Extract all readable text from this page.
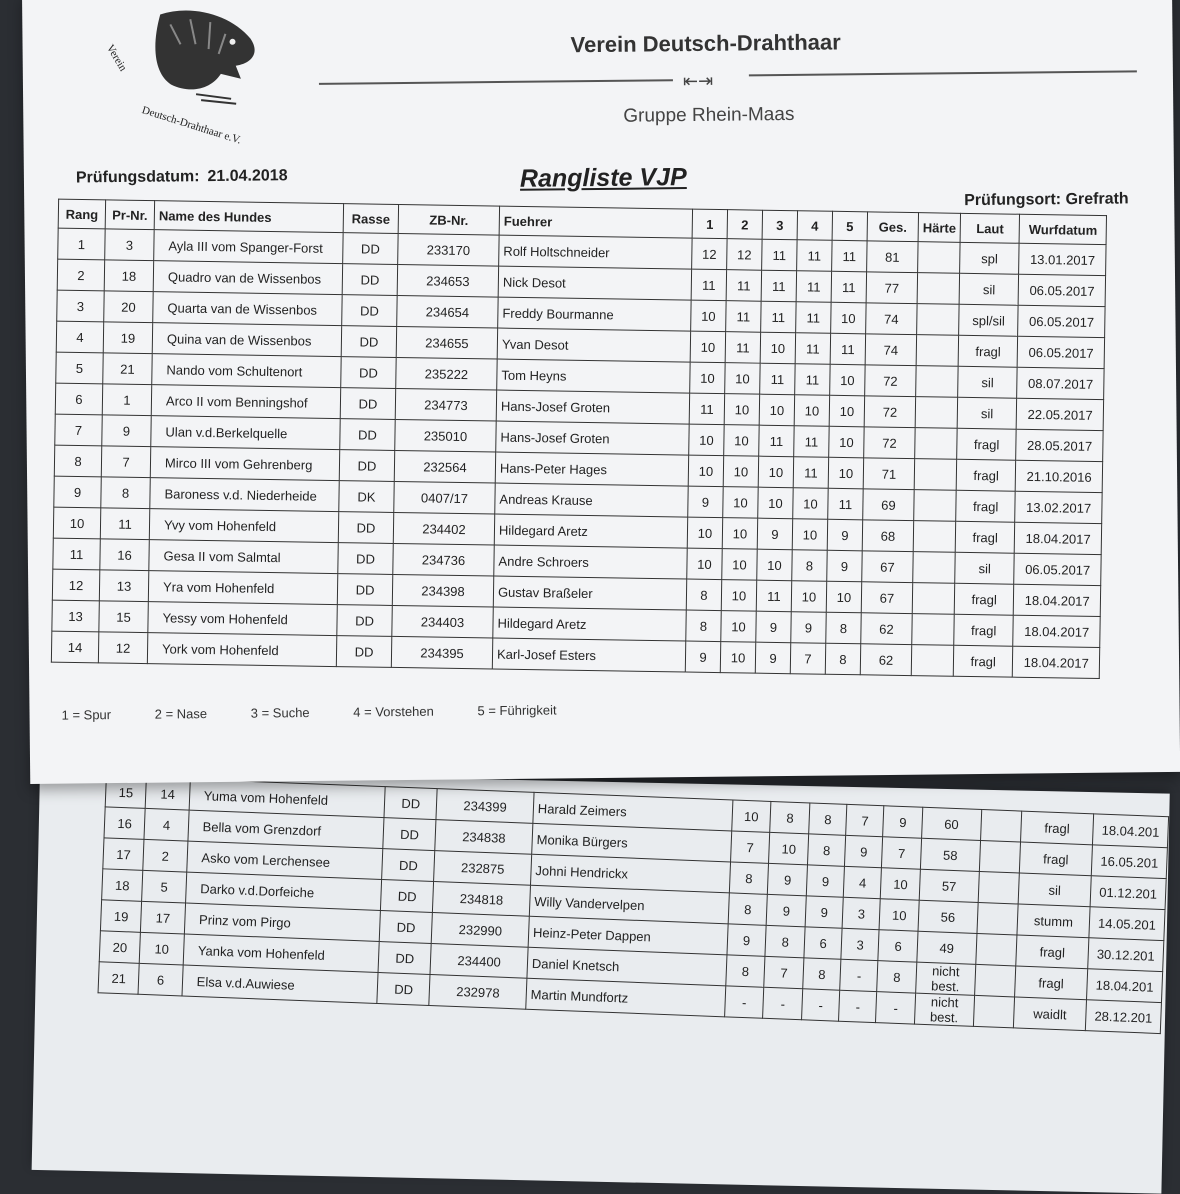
15	14	Yuma vom Hohenfeld	DD	234399	Harald Zeimers	10	8	8	7	9	60		fragl	18.04.201
16	4	Bella vom Grenzdorf	DD	234838	Monika Bürgers	7	10	8	9	7	58		fragl	16.05.201
17	2	Asko vom Lerchensee	DD	232875	Johni Hendrickx	8	9	9	4	10	57		sil	01.12.201
18	5	Darko v.d.Dorfeiche	DD	234818	Willy Vandervelpen	8	9	9	3	10	56		stumm	14.05.201
19	17	Prinz vom Pirgo	DD	232990	Heinz-Peter Dappen	9	8	6	3	6	49		fragl	30.12.201
20	10	Yanka vom Hohenfeld	DD	234400	Daniel Knetsch	8	7	8	-	8	nicht best.		fragl	18.04.201
21	6	Elsa v.d.Auwiese	DD	232978	Martin Mundfortz	-	-	-	-	-	nicht best.		waidlt	28.12.201
Verein
Deutsch-Drahthaar e.V.
Verein Deutsch-Drahthaar
⇤⇥
Gruppe Rhein-Maas
Prüfungsdatum: 21.04.2018	Rangliste VJP
Prüfungsort: Grefrath
Rang	Pr-Nr.	Name des Hundes	Rasse	ZB-Nr.	Fuehrer	1	2	3	4	5	Ges.	Härte	Laut	Wurfdatum
1	3	Ayla III vom Spanger-Forst	DD	233170	Rolf Holtschneider	12	12	11	11	11	81		spl	13.01.2017
2	18	Quadro van de Wissenbos	DD	234653	Nick Desot	11	11	11	11	11	77		sil	06.05.2017
3	20	Quarta van de Wissenbos	DD	234654	Freddy Bourmanne	10	11	11	11	10	74		spl/sil	06.05.2017
4	19	Quina van de Wissenbos	DD	234655	Yvan Desot	10	11	10	11	11	74		fragl	06.05.2017
5	21	Nando vom Schultenort	DD	235222	Tom Heyns	10	10	11	11	10	72		sil	08.07.2017
6	1	Arco II vom Benningshof	DD	234773	Hans-Josef Groten	11	10	10	10	10	72		sil	22.05.2017
7	9	Ulan v.d.Berkelquelle	DD	235010	Hans-Josef Groten	10	10	11	11	10	72		fragl	28.05.2017
8	7	Mirco III vom Gehrenberg	DD	232564	Hans-Peter Hages	10	10	10	11	10	71		fragl	21.10.2016
9	8	Baroness v.d. Niederheide	DK	0407/17	Andreas Krause	9	10	10	10	11	69		fragl	13.02.2017
10	11	Yvy vom Hohenfeld	DD	234402	Hildegard Aretz	10	10	9	10	9	68		fragl	18.04.2017
11	16	Gesa II vom Salmtal	DD	234736	Andre Schroers	10	10	10	8	9	67		sil	06.05.2017
12	13	Yra vom Hohenfeld	DD	234398	Gustav Braßeler	8	10	11	10	10	67		fragl	18.04.2017
13	15	Yessy vom Hohenfeld	DD	234403	Hildegard Aretz	8	10	9	9	8	62		fragl	18.04.2017
14	12	York vom Hohenfeld	DD	234395	Karl-Josef Esters	9	10	9	7	8	62		fragl	18.04.2017
1 = Spur	2 = Nase	3 = Suche	4 = Vorstehen	5 = Führigkeit
